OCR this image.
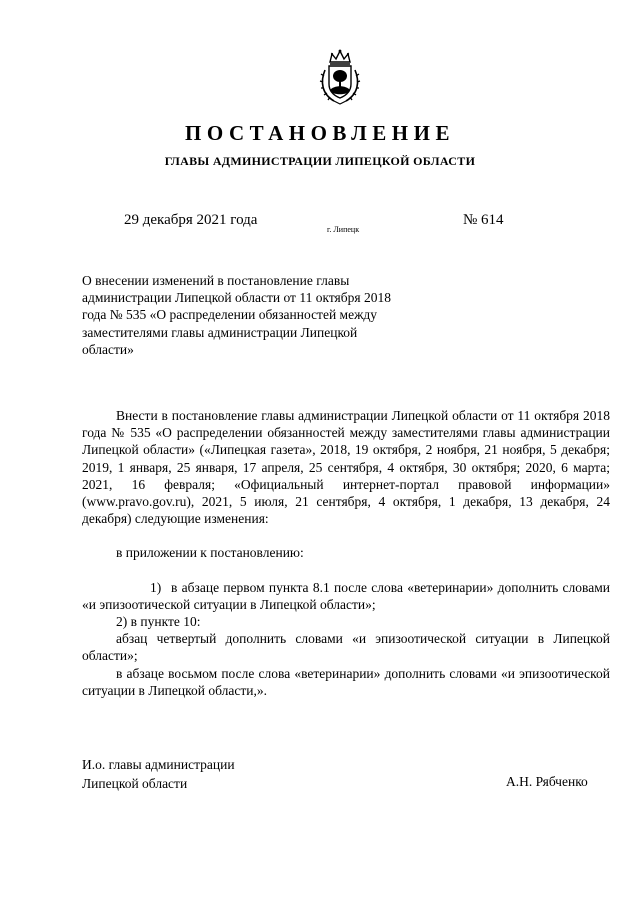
ПОСТАНОВЛЕНИЕ
ГЛАВЫ АДМИНИСТРАЦИИ ЛИПЕЦКОЙ ОБЛАСТИ
29 декабря 2021 года
г. Липецк
№ 614
О внесении изменений в постановление главы
администрации Липецкой области от 11 октября 2018
года № 535 «О распределении обязанностей между
заместителями главы администрации Липецкой
области»

Внести в постановление главы администрации Липецкой области от 11 октября 2018 года № 535 «О распределении обязанностей между заместителями главы администрации Липецкой области» («Липецкая газета», 2018, 19 октября, 2 ноября, 21 ноября, 5 декабря; 2019, 1 января, 25 января, 17 апреля, 25 сентября, 4 октября, 30 октября; 2020, 6 марта; 2021, 16 февраля; «Официальный интернет-портал правовой информации» (www.pravo.gov.ru), 2021, 5 июля, 21 сентября, 4 октября, 1 декабря, 13 декабря, 24 декабря) следующие изменения:

в приложении к постановлению:

1) в абзаце первом пункта 8.1 после слова «ветеринарии» дополнить словами «и эпизоотической ситуации в Липецкой области»;

2) в пункте 10:

абзац четвертый дополнить словами «и эпизоотической ситуации в Липецкой области»;

в абзаце восьмом после слова «ветеринарии» дополнить словами «и эпизоотической ситуации в Липецкой области,».

И.о. главы администрации
Липецкой области	А.Н. Рябченко
